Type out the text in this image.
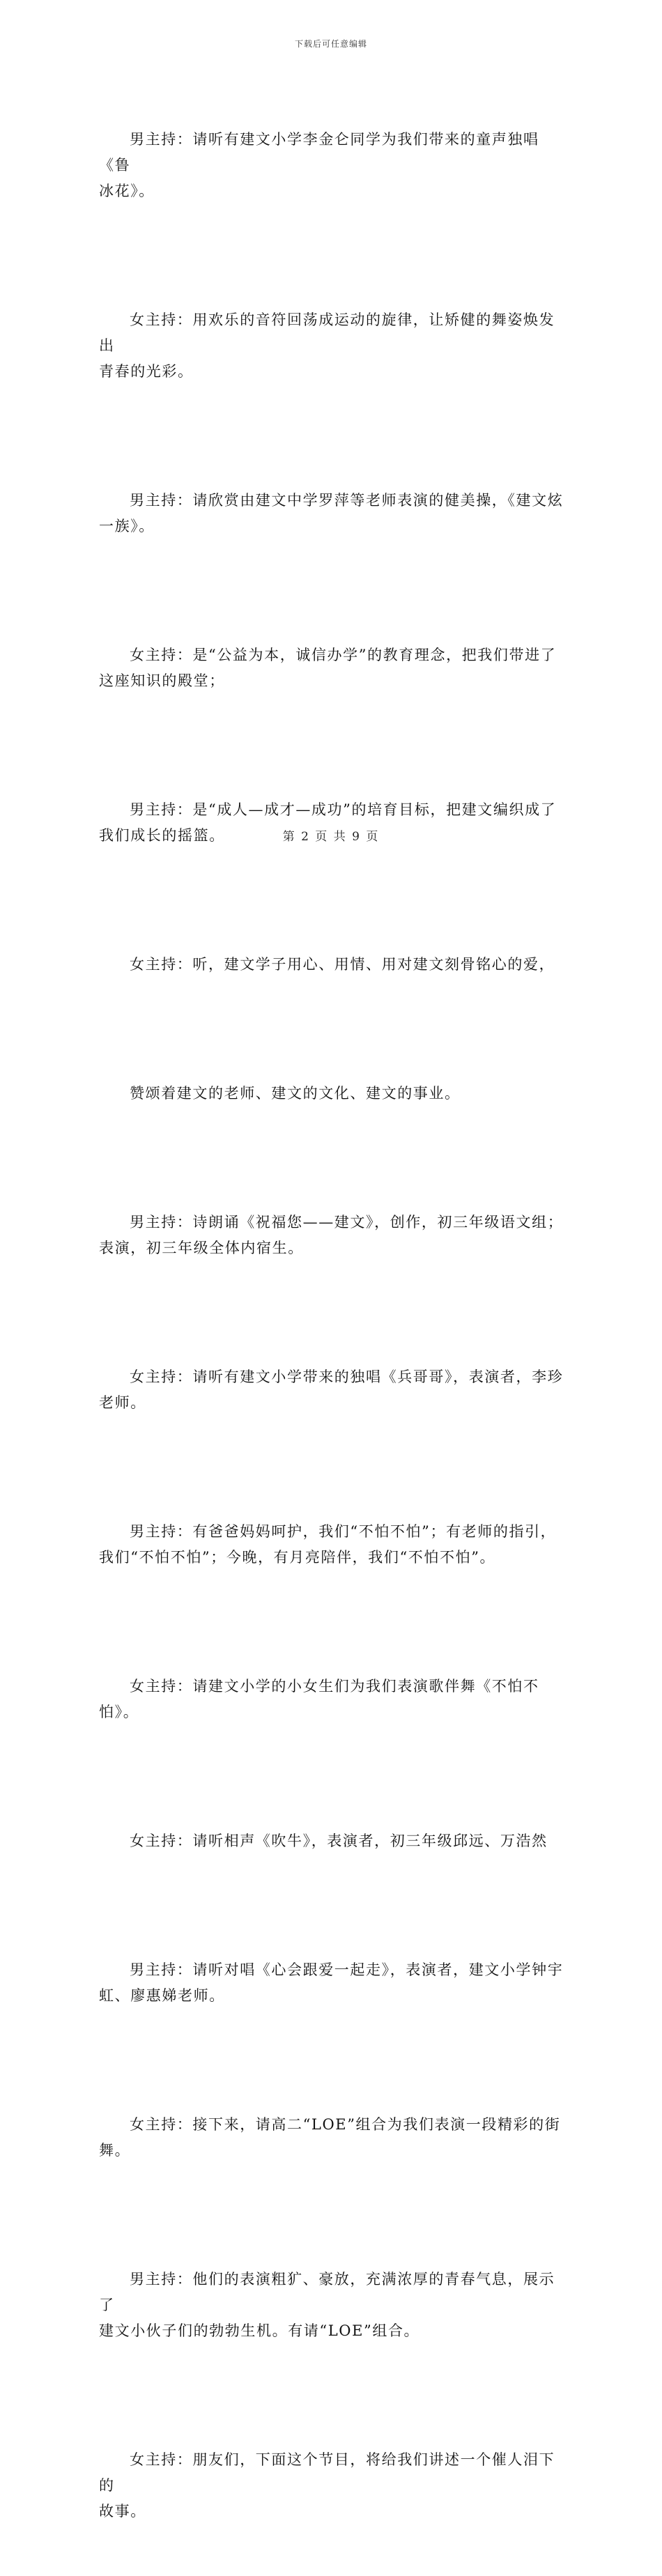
下载后可任意编辑

男主持：请听有建文小学李金仑同学为我们带来的童声独唱《鲁
冰花》。

女主持：用欢乐的音符回荡成运动的旋律，让矫健的舞姿焕发出
青春的光彩。

男主持：请欣赏由建文中学罗萍等老师表演的健美操，《建文炫
一族》。

女主持：是“公益为本，诚信办学”的教育理念，把我们带进了
这座知识的殿堂；

男主持：是“成人—成才—成功”的培育目标，把建文编织成了
我们成长的摇篮。

女主持：听，建文学子用心、用情、用对建文刻骨铭心的爱，

赞颂着建文的老师、建文的文化、建文的事业。

男主持：诗朗诵《祝福您——建文》，创作，初三年级语文组；
表演，初三年级全体内宿生。

女主持：请听有建文小学带来的独唱《兵哥哥》，表演者，李珍
老师。

男主持：有爸爸妈妈呵护，我们“不怕不怕”；有老师的指引，
我们“不怕不怕”；今晚，有月亮陪伴，我们“不怕不怕”。

女主持：请建文小学的小女生们为我们表演歌伴舞《不怕不怕》。

女主持：请听相声《吹牛》，表演者，初三年级邱远、万浩然

男主持：请听对唱《心会跟爱一起走》，表演者，建文小学钟宇
虹、廖惠娣老师。

女主持：接下来，请高二“LOE”组合为我们表演一段精彩的街舞。

男主持：他们的表演粗犷、豪放，充满浓厚的青春气息，展示了
建文小伙子们的勃勃生机。有请“LOE”组合。

女主持：朋友们，下面这个节目，将给我们讲述一个催人泪下的
故事。

第 2 页 共 9 页
